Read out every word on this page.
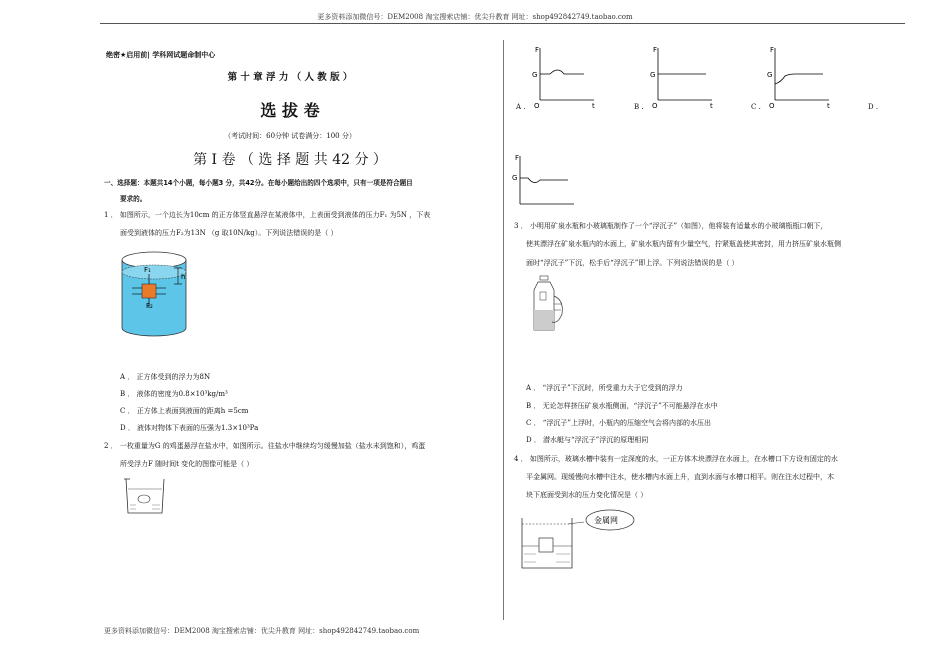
更多资料添加微信号：DEM2008 淘宝搜索店铺：优尖升教育 网址：shop492842749.taobao.com
更多资料添加微信号：DEM2008 淘宝搜索店铺：优尖升教育 网址：shop492842749.taobao.com
绝密★启用前| 学科网试题命制中心
第 十 章 浮 力 （ 人 教 版 ）
选 拔 卷
（考试时间：60分钟 试卷满分：100 分）
第 Ⅰ 卷 （ 选 择 题 共 42 分 ）
一、选择题：本题共14个小题，每小题3 分，共42分。在每小题给出的四个选项中，只有一项是符合题目
要求的。
1 ． 如图所示，一个边长为10cm 的正方体竖直悬浮在某液体中，上表面受到液体的压力F₁ 为5N ，下表
面受到液体的压力F₂为13N （g 取10N/kg）。下列说法错误的是（ ）
F₁
F₂
h
A ． 正方体受到的浮力为8N
B ． 液体的密度为0.8×10³kg/m³
C ． 正方体上表面到液面的距离h =5cm
D ． 液体对物体下表面的压强为1.3×10³Pa
2 ． 一枚重量为G 的鸡蛋悬浮在盐水中，如图所示。往盐水中继续均匀缓慢加盐（盐水未到饱和），鸡蛋
所受浮力F 随时间t 变化的图像可能是（ ）
F
G
O	t
A .
F
G
O	t
B .
F
G
O	t
C .	D .
F
G
3 ． 小明用矿泉水瓶和小玻璃瓶制作了一个“浮沉子”（如图），他将装有适量水的小玻璃瓶瓶口朝下，
使其漂浮在矿泉水瓶内的水面上，矿泉水瓶内留有少量空气，拧紧瓶盖使其密封，用力挤压矿泉水瓶侧
面时“浮沉子”下沉，松手后“浮沉子”即上浮。下列说法错误的是（ ）
A ． “浮沉子”下沉时，所受重力大于它受到的浮力
B ． 无论怎样挤压矿泉水瓶侧面，“浮沉子”不可能悬浮在水中
C ． “浮沉子”上浮时，小瓶内的压缩空气会将内部的水压出
D ． 潜水艇与“浮沉子”浮沉的原理相同
4 ． 如图所示，玻璃水槽中装有一定深度的水，一正方体木块漂浮在水面上，在水槽口下方设有固定的水
平金属网。现缓慢向水槽中注水，使水槽内水面上升，直到水面与水槽口相平。则在注水过程中，木
块下底面受到水的压力变化情况是（ ）
金属网
